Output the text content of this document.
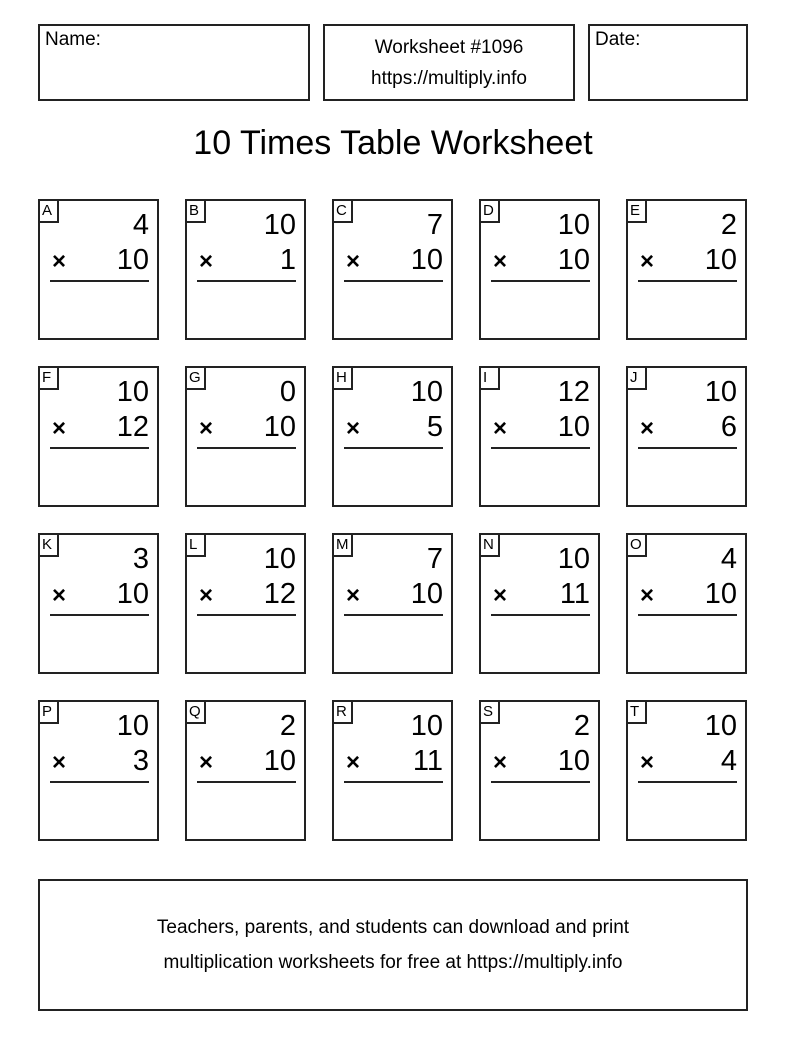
Name:	Worksheet #1096
https://multiply.info
Date:
10 Times Table Worksheet
A	4
× 10
B 10
× 1
C	7
× 10
D 10
× 10
E	2
× 10
F 10
× 12
G	0
× 10
H 10
× 5
I	12
× 10
J	10
× 6
K	3
× 10
L 10
× 12
M	7
× 10
N 10
× 11
O	4
× 10
P 10
× 3
Q	2
× 10
R 10
× 11
S	2
× 10
T 10
× 4
Teachers, parents, and students can download and print
multiplication worksheets for free at https://multiply.info
